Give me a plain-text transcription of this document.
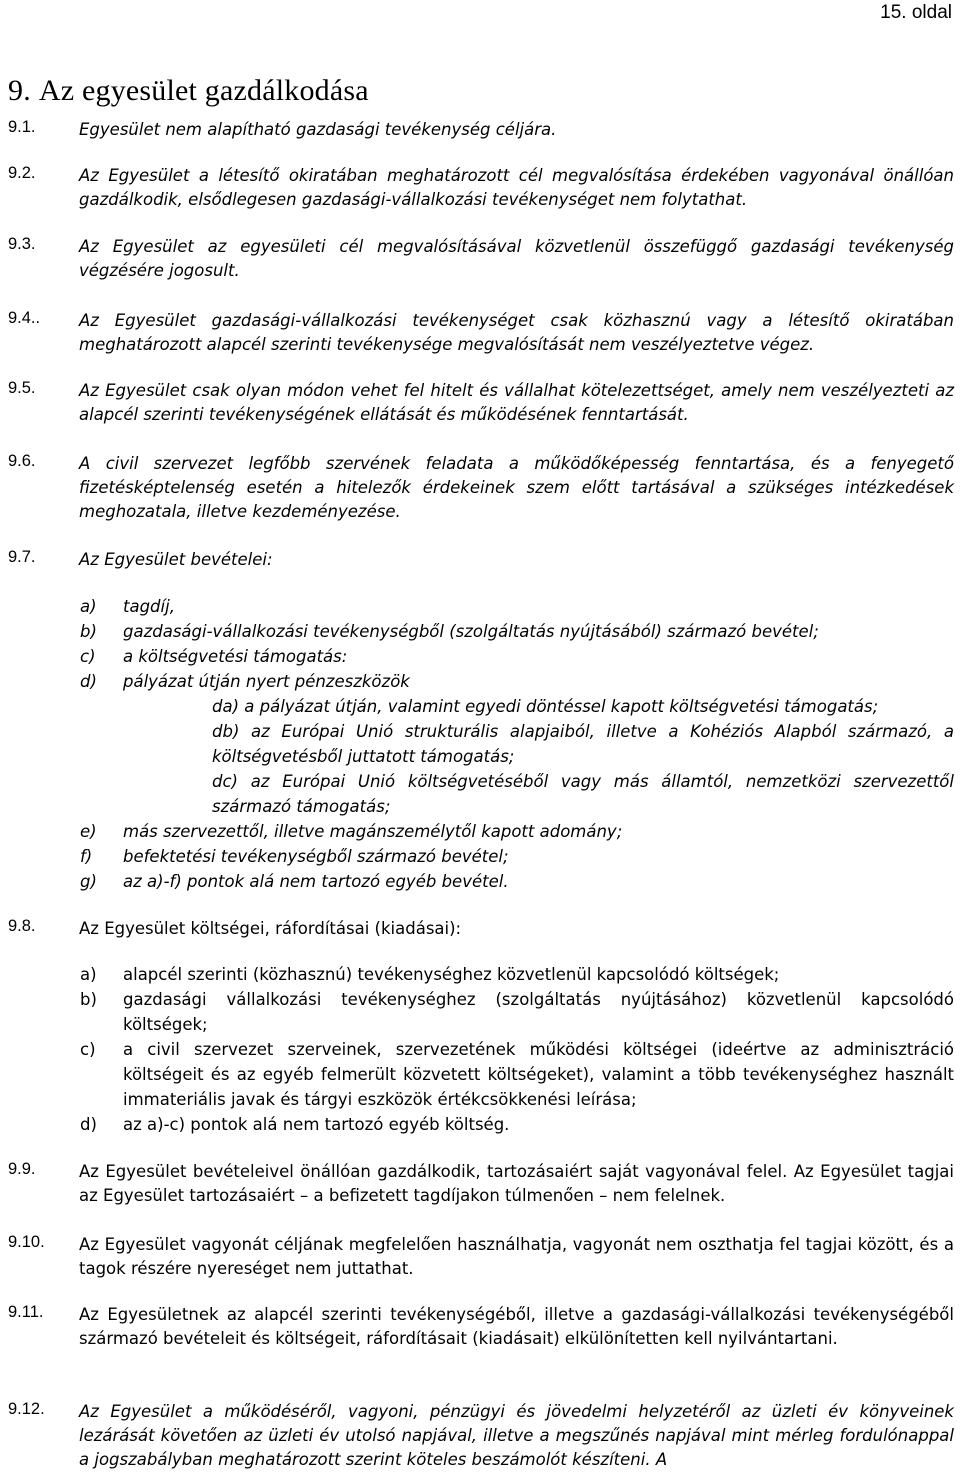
15. oldal
9. Az egyesület gazdálkodása
9.1.	Egyesület nem alapítható gazdasági tevékenység céljára.
9.2.	Az Egyesület a létesítő okiratában meghatározott cél megvalósítása érdekében vagyonával önállóan gazdálkodik, elsődlegesen gazdasági-vállalkozási tevékenységet nem folytathat.
9.3.	Az Egyesület az egyesületi cél megvalósításával közvetlenül összefüggő gazdasági tevékenység végzésére jogosult.
9.4.. Az Egyesület gazdasági-vállalkozási tevékenységet csak közhasznú vagy a létesítő okiratában meghatározott alapcél szerinti tevékenysége megvalósítását nem veszélyeztetve végez.
9.5.	Az Egyesület csak olyan módon vehet fel hitelt és vállalhat kötelezettséget, amely nem veszélyezteti az alapcél szerinti tevékenységének ellátását és működésének fenntartását.
9.6.	A civil szervezet legfőbb szervének feladata a működőképesség fenntartása, és a fenyegető fizetésképtelenség esetén a hitelezők érdekeinek szem előtt tartásával a szükséges intézkedések meghozatala, illetve kezdeményezése.
9.7.	Az Egyesület bevételei:
a) tagdíj,
b) gazdasági-vállalkozási tevékenységből (szolgáltatás nyújtásából) származó bevétel;
c) a költségvetési támogatás:
d) pályázat útján nyert pénzeszközök
da) a pályázat útján, valamint egyedi döntéssel kapott költségvetési támogatás;
db) az Európai Unió strukturális alapjaiból, illetve a Kohéziós Alapból származó, a költségvetésből juttatott támogatás;
dc) az Európai Unió költségvetéséből vagy más államtól, nemzetközi szervezettől származó támogatás;
e) más szervezettől, illetve magánszemélytől kapott adomány;
f) befektetési tevékenységből származó bevétel;
g) az a)-f) pontok alá nem tartozó egyéb bevétel.
9.8.	Az Egyesület költségei, ráfordításai (kiadásai):
a) alapcél szerinti (közhasznú) tevékenységhez közvetlenül kapcsolódó költségek;
b) gazdasági vállalkozási tevékenységhez (szolgáltatás nyújtásához) közvetlenül kapcsolódó költségek;
c) a civil szervezet szerveinek, szervezetének működési költségei (ideértve az adminisztráció költségeit és az egyéb felmerült közvetett költségeket), valamint a több tevékenységhez használt immateriális javak és tárgyi eszközök értékcsökkenési leírása;
d) az a)-c) pontok alá nem tartozó egyéb költség.
9.9.	Az Egyesület bevételeivel önállóan gazdálkodik, tartozásaiért saját vagyonával felel. Az Egyesület tagjai az Egyesület tartozásaiért – a befizetett tagdíjakon túlmenően – nem felelnek.
9.10. Az Egyesület vagyonát céljának megfelelően használhatja, vagyonát nem oszthatja fel tagjai között, és a tagok részére nyereséget nem juttathat.
9.11. Az Egyesületnek az alapcél szerinti tevékenységéből, illetve a gazdasági-vállalkozási tevékenységéből származó bevételeit és költségeit, ráfordításait (kiadásait) elkülönítetten kell nyilvántartani.
9.12. Az Egyesület a működéséről, vagyoni, pénzügyi és jövedelmi helyzetéről az üzleti év könyveinek lezárását követően az üzleti év utolsó napjával, illetve a megszűnés napjával mint mérleg fordulónappal a jogszabályban meghatározott szerint köteles beszámolót készíteni. A
